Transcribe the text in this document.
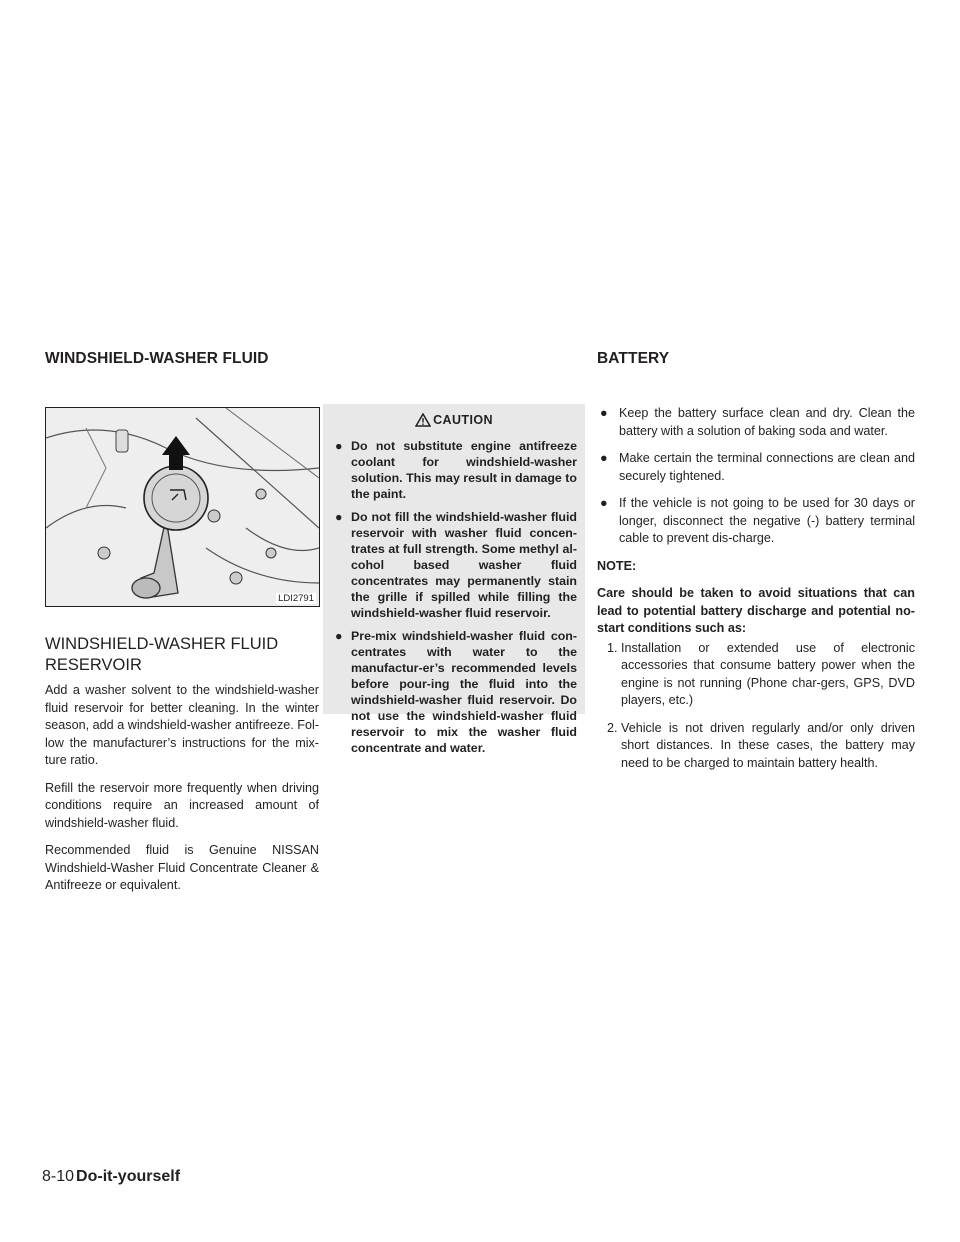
WINDSHIELD-WASHER FLUID	BATTERY
LDI2791
WINDSHIELD-WASHER FLUID RESERVOIR

Add a washer solvent to the windshield-washer fluid reservoir for better cleaning. In the winter season, add a windshield-washer antifreeze. Fol-low the manufacturer’s instructions for the mix-ture ratio.

Refill the reservoir more frequently when driving conditions require an increased amount of windshield-washer fluid.

Recommended fluid is Genuine NISSAN Windshield-Washer Fluid Concentrate Cleaner & Antifreeze or equivalent.

CAUTION
● Do not substitute engine antifreeze coolant for windshield-washer solution. This may result in damage to the paint.
● Do not fill the windshield-washer fluid reservoir with washer fluid concen-trates at full strength. Some methyl al-cohol based washer fluid concentrates may permanently stain the grille if spilled while filling the windshield-washer fluid reservoir.
● Pre-mix windshield-washer fluid con-centrates with water to the manufactur-er’s recommended levels before pour-ing the fluid into the windshield-washer fluid reservoir. Do not use the windshield-washer fluid reservoir to mix the washer fluid concentrate and water.
● Keep the battery surface clean and dry. Clean the battery with a solution of baking soda and water.
● Make certain the terminal connections are clean and securely tightened.
● If the vehicle is not going to be used for 30 days or longer, disconnect the negative (-) battery terminal cable to prevent dis-charge.
NOTE:
Care should be taken to avoid situations that can lead to potential battery discharge and potential no-start conditions such as:
1. Installation or extended use of electronic accessories that consume battery power when the engine is not running (Phone char-gers, GPS, DVD players, etc.)
2. Vehicle is not driven regularly and/or only driven short distances. In these cases, the battery may need to be charged to maintain battery health.
8-10 Do-it-yourself
